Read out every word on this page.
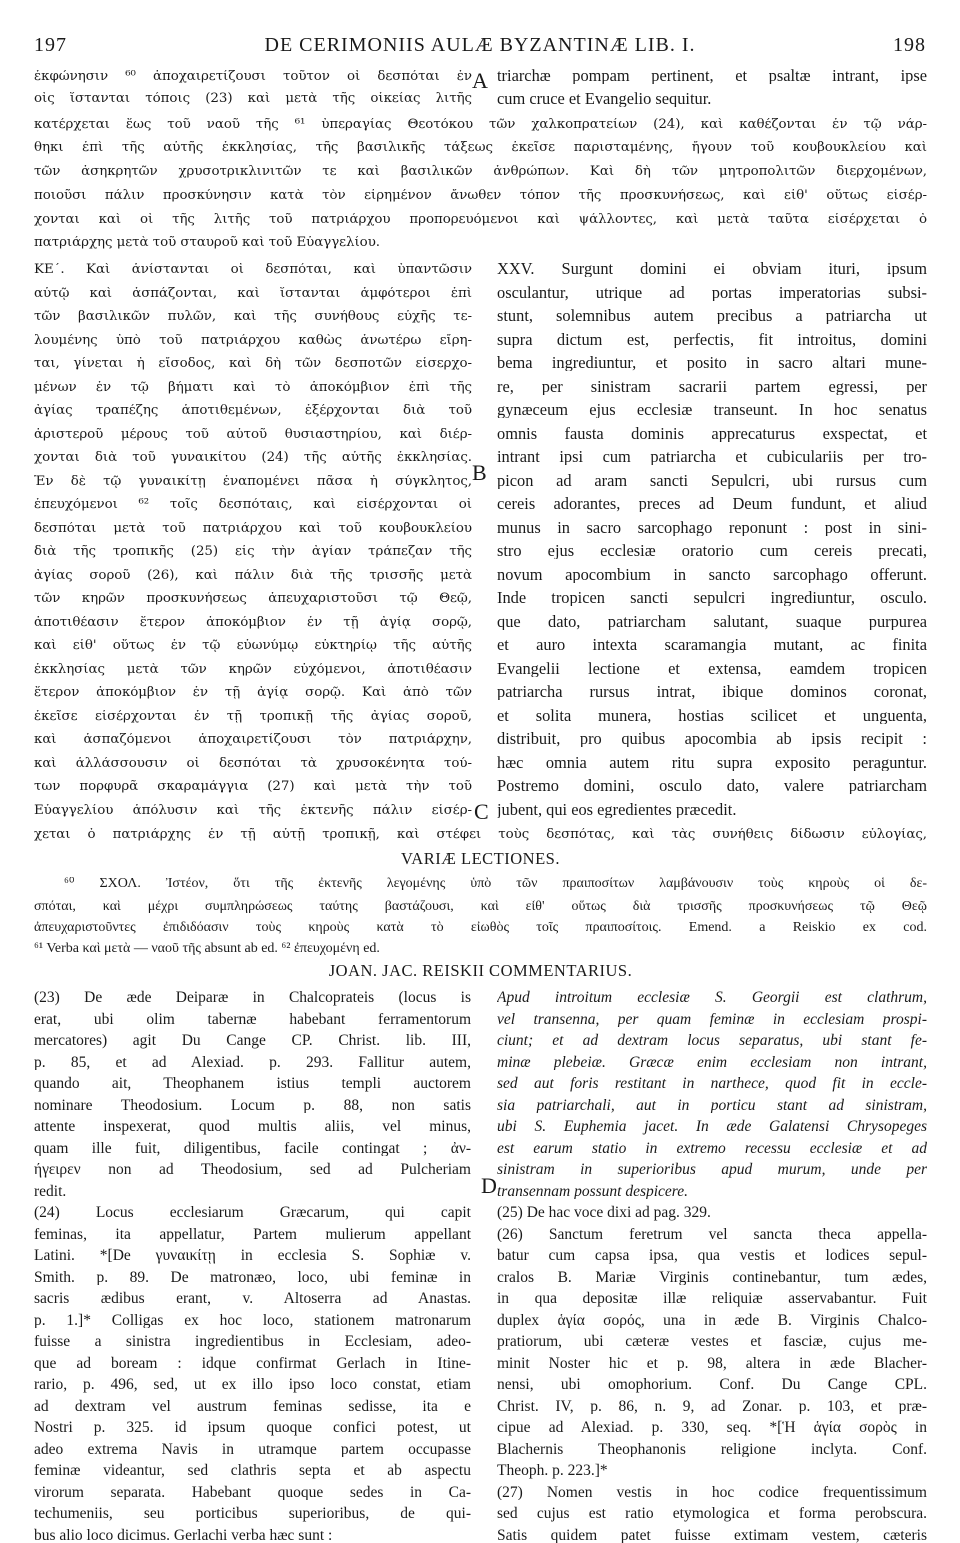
197	DE CERIMONIIS AULÆ BYZANTINÆ LIB. I.	198
ἐκφώνησιν ⁶⁰ ἀποχαιρετίζουσι τοῦτον οἱ δεσπόται ἐν
οἷς ἵστανται τόποις (23) καὶ μετὰ τῆς οἰκείας λιτῆς
κατέρχεται ἕως τοῦ ναοῦ τῆς ⁶¹ ὑπεραγίας Θεοτόκου τῶν χαλκοπρατείων (24), καὶ καθέζονται ἐν τῷ νάρ-
θηκι ἐπὶ τῆς αὐτῆς ἐκκλησίας, τῆς βασιλικῆς τάξεως ἐκεῖσε παρισταμένης, ἤγουν τοῦ κουβουκλείου καὶ
τῶν ἀσηκρητῶν χρυσοτρικλινιτῶν τε καὶ βασιλικῶν ἀνθρώπων. Καὶ δὴ τῶν μητροπολιτῶν διερχομένων,
ποιοῦσι πάλιν προσκύνησιν κατὰ τὸν εἰρημένον ἄνωθεν τόπον τῆς προσκυνήσεως, καὶ εἶθ' οὕτως εἰσέρ-
χονται καὶ οἱ τῆς λιτῆς τοῦ πατριάρχου προπορευόμενοι καὶ ψάλλοντες, καὶ μετὰ ταῦτα εἰσέρχεται ὁ
πατριάρχης μετὰ τοῦ σταυροῦ καὶ τοῦ Εὐαγγελίου.
A triarchæ pompam pertinent, et psaltæ intrant, ipse
cum cruce et Evangelio sequitur.
ΚΕ΄. Καὶ ἀνίστανται οἱ δεσπόται, καὶ ὑπαντῶσιν
αὐτῷ καὶ ἀσπάζονται, καὶ ἵστανται ἀμφότεροι ἐπὶ
τῶν βασιλικῶν πυλῶν, καὶ τῆς συνήθους εὐχῆς τε-
λουμένης ὑπὸ τοῦ πατριάρχου καθὼς ἀνωτέρω εἴρη-
ται, γίνεται ἡ εἴσοδος, καὶ δὴ τῶν δεσποτῶν εἰσερχο-
μένων ἐν τῷ βήματι καὶ τὸ ἀποκόμβιον ἐπὶ τῆς
ἁγίας τραπέζης ἀποτιθεμένων, ἐξέρχονται διὰ τοῦ
ἀριστεροῦ μέρους τοῦ αὐτοῦ θυσιαστηρίου, καὶ διέρ-
χονται διὰ τοῦ γυναικίτου (24) τῆς αὐτῆς ἐκκλησίας.
Ἐν δὲ τῷ γυναικίτῃ ἐναπομένει πᾶσα ἡ σύγκλητος,
ἐπευχόμενοι ⁶² τοῖς δεσπόταις, καὶ εἰσέρχονται οἱ
δεσπόται μετὰ τοῦ πατριάρχου καὶ τοῦ κουβουκλείου
διὰ τῆς τροπικῆς (25) εἰς τὴν ἁγίαν τράπεζαν τῆς
ἁγίας σοροῦ (26), καὶ πάλιν διὰ τῆς τρισσῆς μετὰ
τῶν κηρῶν προσκυνήσεως ἀπευχαριστοῦσι τῷ Θεῷ,
ἀποτιθέασιν ἕτερον ἀποκόμβιον ἐν τῇ ἁγίᾳ σορῷ,
καὶ εἶθ' οὕτως ἐν τῷ εὐωνύμῳ εὐκτηρίῳ τῆς αὐτῆς
ἐκκλησίας μετὰ τῶν κηρῶν εὐχόμενοι, ἀποτιθέασιν
ἕτερον ἀποκόμβιον ἐν τῇ ἁγίᾳ σορῷ. Καὶ ἀπὸ τῶν
ἐκεῖσε εἰσέρχονται ἐν τῇ τροπικῇ τῆς ἁγίας σοροῦ,
καὶ ἀσπαζόμενοι ἀποχαιρετίζουσι τὸν πατριάρχην,
καὶ ἀλλάσσουσιν οἱ δεσπόται τὰ χρυσοκένητα τού-
των πορφυρᾶ σκαραμάγγια (27) καὶ μετὰ τὴν τοῦ
Εὐαγγελίου ἀπόλυσιν καὶ τῆς ἐκτενῆς πάλιν εἰσέρ-
XXV. Surgunt domini ei obviam ituri, ipsum
osculantur, utrique ad portas imperatorias subsi-
stunt, solemnibus autem precibus a patriarcha ut
supra dictum est, perfectis, fit introitus, domini
bema ingrediuntur, et posito in sacro altari mune-
re, per sinistram sacrarii partem egressi, per
gynæceum ejus ecclesiæ transeunt. In hoc senatus
omnis fausta dominis apprecaturus exspectat, et
intrant ipsi cum patriarcha et cubiculariis per tro-
picon ad aram sancti Sepulcri, ubi rursus cum
cereis adorantes, preces ad Deum fundunt, et aliud
munus in sacro sarcophago reponunt : post in sini-
stro ejus ecclesiæ oratorio cum cereis precati,
novum apocombium in sancto sarcophago offerunt.
Inde tropicen sancti sepulcri ingrediuntur, osculo.
que dato, patriarcham salutant, suaque purpurea
et auro intexta scaramangia mutant, ac finita
Evangelii lectione et extensa, eamdem tropicen
patriarcha rursus intrat, ibique dominos coronat,
et solita munera, hostias scilicet et unguenta,
distribuit, pro quibus apocombia ab ipsis recipit :
hæc omnia autem ritu supra exposito peraguntur.
Postremo domini, osculo dato, valere patriarcham
jubent, qui eos egredientes præcedit.
B
C
χεται ὁ πατριάρχης ἐν τῇ αὐτῇ τροπικῇ, καὶ στέφει τοὺς δεσπότας, καὶ τὰς συνήθεις δίδωσιν εὐλογίας,
VARIÆ LECTIONES.
⁶⁰ ΣΧΟΛ. Ἰστέον, ὅτι τῆς ἐκτενῆς λεγομένης ὑπὸ τῶν πραιποσίτων λαμβάνουσιν τοὺς κηροὺς οἱ δε-
σπόται, καὶ μέχρι συμπληρώσεως ταύτης βαστάζουσι, καὶ εἶθ' οὕτως διὰ τρισσῆς προσκυνήσεως τῷ Θεῷ
ἀπευχαριστοῦντες ἐπιδιδόασιν τοὺς κηροὺς κατὰ τὸ εἰωθὸς τοῖς πραιποσίτοις. Emend. a Reiskio ex cod.
⁶¹ Verba καὶ μετὰ — ναοῦ τῆς absunt ab ed. ⁶² ἐπευχομένη ed.
JOAN. JAC. REISKII COMMENTARIUS.
(23) De æde Deiparæ in Chalcoprateis (locus is
erat, ubi olim tabernæ habebant ferramentorum
mercatores) agit Du Cange CP. Christ. lib. III,
p. 85, et ad Alexiad. p. 293. Fallitur autem,
quando ait, Theophanem istius templi auctorem
nominare Theodosium. Locum p. 88, non satis
attente inspexerat, quod multis aliis, vel minus,
quam ille fuit, diligentibus, facile contingat ; ἀν-
ήγειρεν non ad Theodosium, sed ad Pulcheriam
redit.
(24) Locus ecclesiarum Græcarum, qui capit
feminas, ita appellatur, Partem mulierum appellant
Latini. *[De γυναικίτῃ in ecclesia S. Sophiæ v.
Smith. p. 89. De matronæo, loco, ubi feminæ in
sacris ædibus erant, v. Altoserra ad Anastas.
p. 1.]* Colligas ex hoc loco, stationem matronarum
fuisse a sinistra ingredientibus in Ecclesiam, adeo-
que ad boream : idque confirmat Gerlach in Itine-
rario, p. 496, sed, ut ex illo ipso loco constat, etiam
ad dextram vel austrum feminas sedisse, ita e
Nostri p. 325. id ipsum quoque confici potest, ut
adeo extrema Navis in utramque partem occupasse
feminæ videantur, sed clathris septa et ab aspectu
virorum separata. Habebant quoque sedes in Ca-
techumeniis, seu porticibus superioribus, de qui-
bus alio loco dicimus. Gerlachi verba hæc sunt :
Apud introitum ecclesiæ S. Georgii est clathrum,
vel transenna, per quam feminæ in ecclesiam prospi-
ciunt; et ad dextram locus separatus, ubi stant fe-
minæ plebeiæ. Græcæ enim ecclesiam non intrant,
sed aut foris restitant in narthece, quod fit in eccle-
sia patriarchali, aut in porticu stant ad sinistram,
ubi S. Euphemia jacet. In æde Galatensi Chrysopeges
est earum statio in extremo recessu ecclesiæ et ad
sinistram in superioribus apud murum, unde per
transennam possunt despicere.
(25) De hac voce dixi ad pag. 329.
(26) Sanctum feretrum vel sancta theca appella-
batur cum capsa ipsa, qua vestis et lodices sepul-
cralos B. Mariæ Virginis continebantur, tum ædes,
in qua depositæ illæ reliquiæ asservabantur. Fuit
duplex ἁγία σορός, una in æde B. Virginis Chalco-
pratiorum, ubi cæteræ vestes et fasciæ, cujus me-
minit Noster hic et p. 98, altera in æde Blacher-
nensi, ubi omophorium. Conf. Du Cange CPL.
Christ. IV, p. 86, n. 9, ad Zonar. p. 103, et præ-
cipue ad Alexiad. p. 330, seq. *[Ἡ ἁγία σορὸς in
Blachernis Theophanonis religione inclyta. Conf.
Theoph. p. 223.]*
(27) Nomen vestis in hoc codice frequentissimum
sed cujus est ratio etymologica et forma perobscura.
Satis quidem patet fuisse extimam vestem, cæteris
D
